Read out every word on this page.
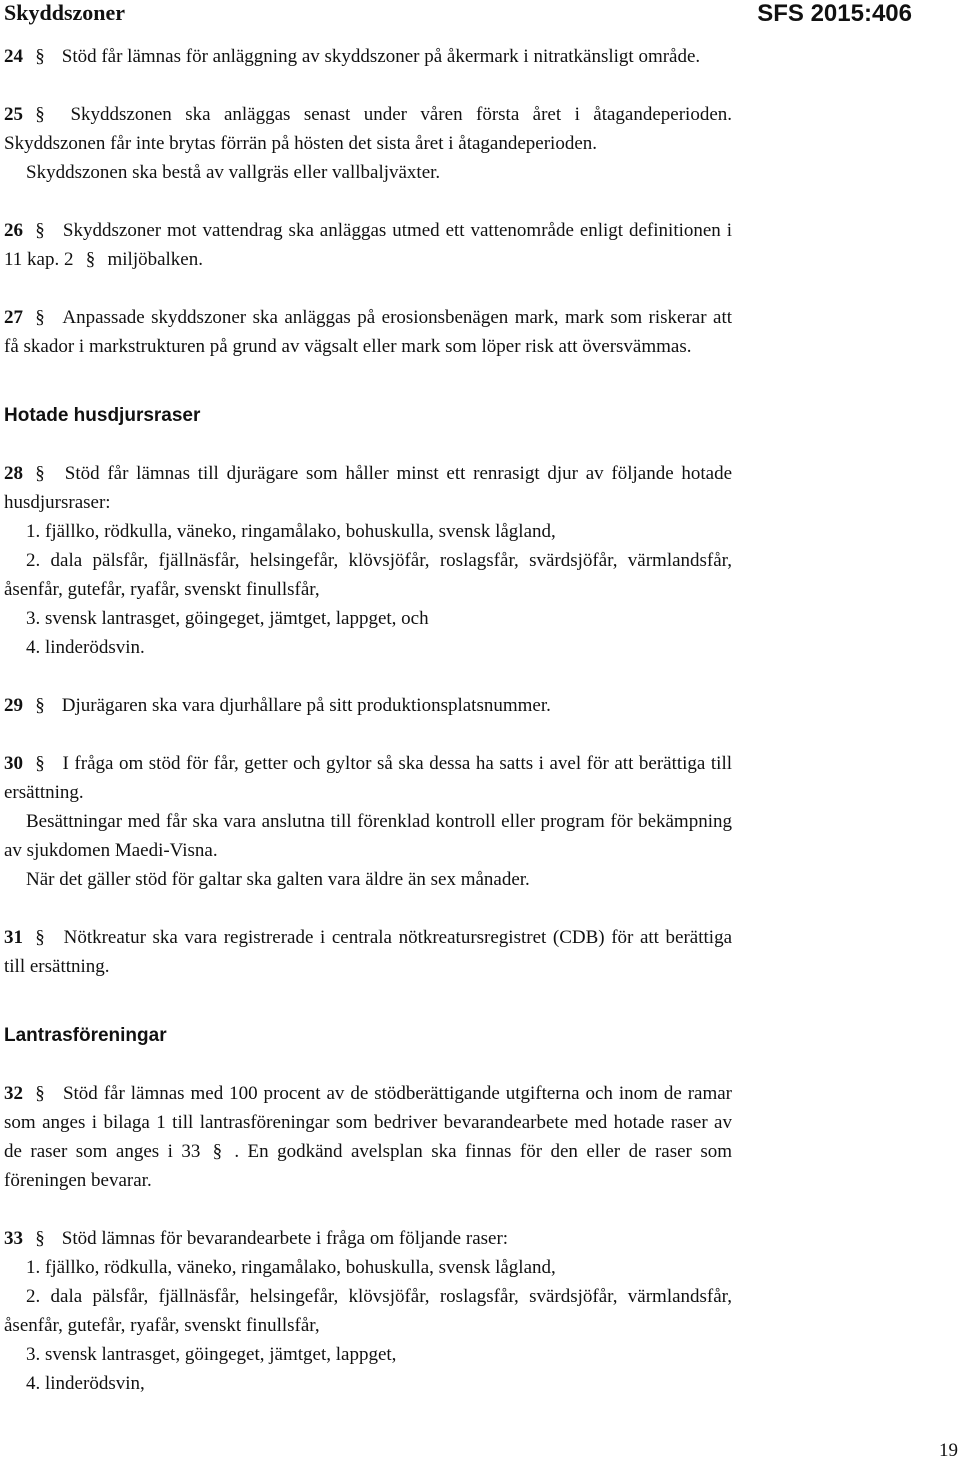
Skyddszoner	SFS 2015:406

24 § Stöd får lämnas för anläggning av skyddszoner på åkermark i nitratkänsligt område.

25 § Skyddszonen ska anläggas senast under våren första året i åtagandeperioden. Skyddszonen får inte brytas förrän på hösten det sista året i åtagandeperioden.

Skyddszonen ska bestå av vallgräs eller vallbaljväxter.

26 § Skyddszoner mot vattendrag ska anläggas utmed ett vattenområde enligt definitionen i 11 kap. 2 § miljöbalken.

27 § Anpassade skyddszoner ska anläggas på erosionsbenägen mark, mark som riskerar att få skador i markstrukturen på grund av vägsalt eller mark som löper risk att översvämmas.

Hotade husdjursraser

28 § Stöd får lämnas till djurägare som håller minst ett renrasigt djur av följande hotade husdjursraser:

1. fjällko, rödkulla, väneko, ringamålako, bohuskulla, svensk lågland,

2. dala pälsfår, fjällnäsfår, helsingefår, klövsjöfår, roslagsfår, svärdsjöfår, värmlandsfår, åsenfår, gutefår, ryafår, svenskt finullsfår,

3. svensk lantrasget, göingeget, jämtget, lappget, och

4. linderödsvin.

29 § Djurägaren ska vara djurhållare på sitt produktionsplatsnummer.

30 § I fråga om stöd för får, getter och gyltor så ska dessa ha satts i avel för att berättiga till ersättning.

Besättningar med får ska vara anslutna till förenklad kontroll eller program för bekämpning av sjukdomen Maedi-Visna.

När det gäller stöd för galtar ska galten vara äldre än sex månader.

31 § Nötkreatur ska vara registrerade i centrala nötkreatursregistret (CDB) för att berättiga till ersättning.

Lantrasföreningar

32 § Stöd får lämnas med 100 procent av de stödberättigande utgifterna och inom de ramar som anges i bilaga 1 till lantrasföreningar som bedriver bevarandearbete med hotade raser av de raser som anges i 33 § . En godkänd avelsplan ska finnas för den eller de raser som föreningen bevarar.

33 § Stöd lämnas för bevarandearbete i fråga om följande raser:

1. fjällko, rödkulla, väneko, ringamålako, bohuskulla, svensk lågland,

2. dala pälsfår, fjällnäsfår, helsingefår, klövsjöfår, roslagsfår, svärdsjöfår, värmlandsfår, åsenfår, gutefår, ryafår, svenskt finullsfår,

3. svensk lantrasget, göingeget, jämtget, lappget,

4. linderödsvin,

19
